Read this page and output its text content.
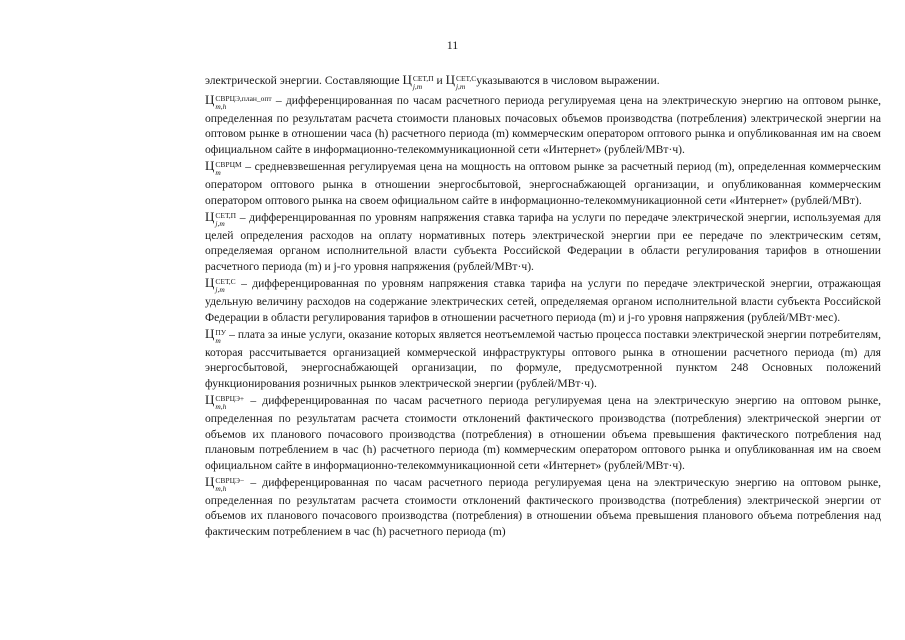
11

электрической энергии. Составляющие Ц СЕТ,П
j,m и Ц СЕТ,С
j,m указываются в числовом выражении.

Ц СВРЦЭ,план_опт
m,h	– дифференцированная по часам расчетного периода регулируемая цена на электрическую энергию на оптовом рынке, определенная по результатам расчета стоимости плановых почасовых объемов производства (потребления) электрической энергии на оптовом рынке в отношении часа (h) расчетного периода (m) коммерческим оператором оптового рынка и опубликованная им на своем официальном сайте в информационно-телекоммуникационной сети «Интернет» (рублей/МВт·ч).

Ц СВРЦМ
m	– средневзвешенная регулируемая цена на мощность на оптовом рынке за расчетный период (m), определенная коммерческим оператором оптового рынка в отношении энергосбытовой, энергоснабжающей организации, и опубликованная коммерческим оператором оптового рынка на своем официальном сайте в информационно-телекоммуникационной сети «Интернет» (рублей/МВт).

Ц СЕТ,П
j,m – дифференцированная по уровням напряжения ставка тарифа на услуги по передаче электрической энергии, используемая для целей определения расходов на оплату нормативных потерь электрической энергии при ее передаче по электрическим сетям, определяемая органом исполнительной власти субъекта Российской Федерации в области регулирования тарифов в отношении расчетного периода (m) и j-го уровня напряжения (рублей/МВт·ч).

Ц СЕТ,С
j,m – дифференцированная по уровням напряжения ставка тарифа на услуги по передаче электрической энергии, отражающая удельную величину расходов на содержание электрических сетей, определяемая органом исполнительной власти субъекта Российской Федерации в области регулирования тарифов в отношении расчетного периода (m) и j-го уровня напряжения (рублей/МВт·мес).

Ц ПУ
m – плата за иные услуги, оказание которых является неотъемлемой частью процесса поставки электрической энергии потребителям, которая рассчитывается организацией коммерческой инфраструктуры оптового рынка в отношении расчетного периода (m) для энергосбытовой, энергоснабжающей организации, по формуле, предусмотренной пунктом 248 Основных положений функционирования розничных рынков электрической энергии (рублей/МВт·ч).

Ц СВРЦЭ+
m,h	– дифференцированная по часам расчетного периода регулируемая цена на электрическую энергию на оптовом рынке, определенная по результатам расчета стоимости отклонений фактического производства (потребления) электрической энергии от объемов их планового почасового производства (потребления) в отношении объема превышения фактического потребления над плановым потреблением в час (h) расчетного периода (m) коммерческим оператором оптового рынка и опубликованная им на своем официальном сайте в информационно-телекоммуникационной сети «Интернет» (рублей/МВт·ч).

Ц СВРЦЭ−
m,h	– дифференцированная по часам расчетного периода регулируемая цена на электрическую энергию на оптовом рынке, определенная по результатам расчета стоимости отклонений фактического производства (потребления) электрической энергии от объемов их планового почасового производства (потребления) в отношении объема превышения планового объема потребления над фактическим потреблением в час (h) расчетного периода (m)
